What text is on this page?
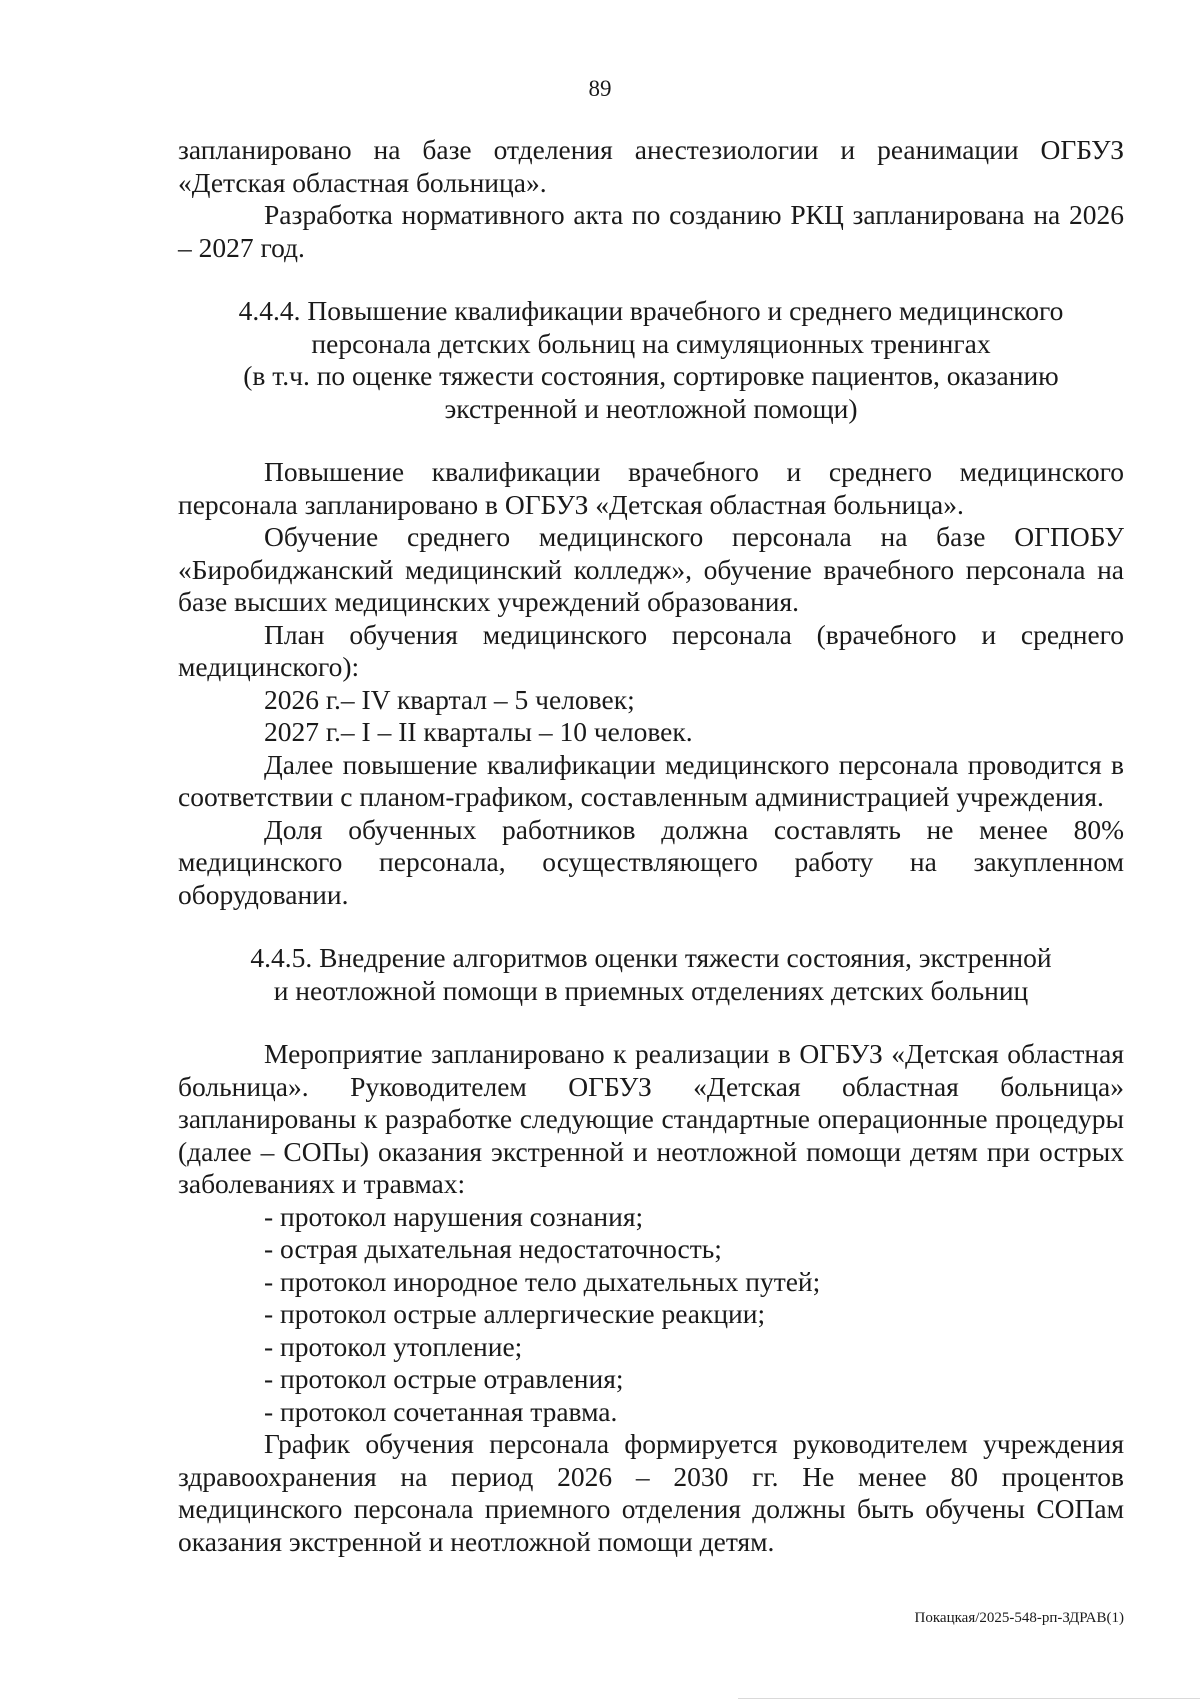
89

запланировано на базе отделения анестезиологии и реанимации ОГБУЗ «Детская областная больница».

Разработка нормативного акта по созданию РКЦ запланирована на 2026 – 2027 год.

4.4.4. Повышение квалификации врачебного и среднего медицинского

персонала детских больниц на симуляционных тренингах

(в т.ч. по оценке тяжести состояния, сортировке пациентов, оказанию

экстренной и неотложной помощи)

Повышение квалификации врачебного и среднего медицинского персонала запланировано в ОГБУЗ «Детская областная больница».

Обучение среднего медицинского персонала на базе ОГПОБУ «Биробиджанский медицинский колледж», обучение врачебного персонала на базе высших медицинских учреждений образования.

План обучения медицинского персонала (врачебного и среднего медицинского):

2026 г.– IV квартал – 5 человек;

2027 г.– I – II кварталы – 10 человек.

Далее повышение квалификации медицинского персонала проводится в соответствии с планом-графиком, составленным администрацией учреждения.

Доля обученных работников должна составлять не менее 80% медицинского персонала, осуществляющего работу на закупленном оборудовании.

4.4.5. Внедрение алгоритмов оценки тяжести состояния, экстренной

и неотложной помощи в приемных отделениях детских больниц

Мероприятие запланировано к реализации в ОГБУЗ «Детская областная больница». Руководителем ОГБУЗ «Детская областная больница» запланированы к разработке следующие стандартные операционные процедуры (далее – СОПы) оказания экстренной и неотложной помощи детям при острых заболеваниях и травмах:

- протокол нарушения сознания;

- острая дыхательная недостаточность;

- протокол инородное тело дыхательных путей;

- протокол острые аллергические реакции;

- протокол утопление;

- протокол острые отравления;

- протокол сочетанная травма.

График обучения персонала формируется руководителем учреждения здравоохранения на период 2026 – 2030 гг. Не менее 80 процентов медицинского персонала приемного отделения должны быть обучены СОПам оказания экстренной и неотложной помощи детям.

Покацкая/2025-548-рп-ЗДРАВ(1)
